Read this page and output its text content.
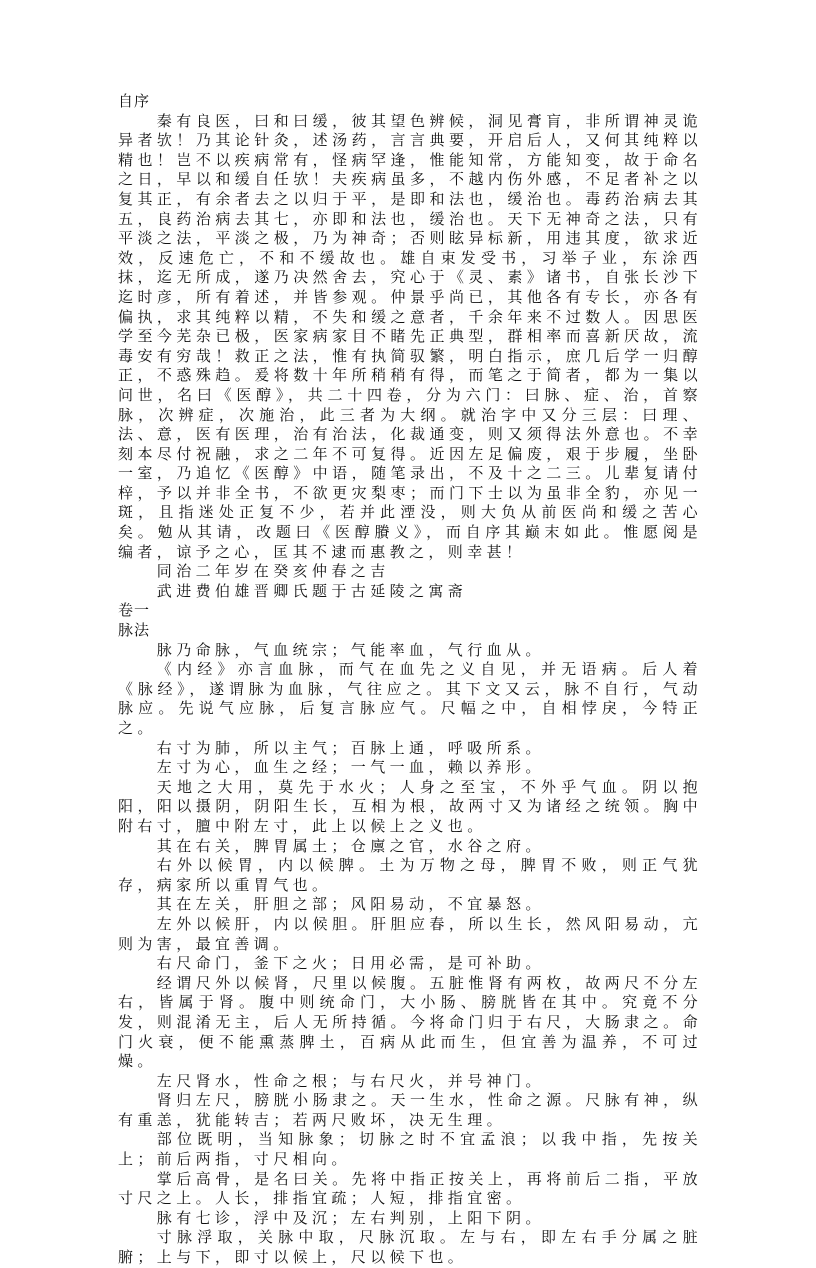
自序

秦有良医，曰和曰缓，彼其望色辨候，洞见膏肓，非所谓神灵诡异者欤！乃其论针灸，述汤药，言言典要，开启后人，又何其纯粹以精也！岂不以疾病常有，怪病罕逢，惟能知常，方能知变，故于命名之日，早以和缓自任欤！夫疾病虽多，不越内伤外感，不足者补之以复其正，有余者去之以归于平，是即和法也，缓治也。毒药治病去其五，良药治病去其七，亦即和法也，缓治也。天下无神奇之法，只有平淡之法，平淡之极，乃为神奇；否则眩异标新，用违其度，欲求近效，反速危亡，不和不缓故也。雄自束发受书，习举子业，东涂西抹，迄无所成，遂乃决然舍去，究心于《灵、素》诸书，自张长沙下迄时彦，所有着述，并皆参观。仲景乎尚已，其他各有专长，亦各有偏执，求其纯粹以精，不失和缓之意者，千余年来不过数人。因思医学至今芜杂已极，医家病家目不睹先正典型，群相率而喜新厌故，流毒安有穷哉！救正之法，惟有执简驭繁，明白指示，庶几后学一归醇正，不惑殊趋。爰将数十年所稍稍有得，而笔之于简者，都为一集以问世，名曰《医醇》，共二十四卷，分为六门：曰脉、症、治，首察脉，次辨症，次施治，此三者为大纲。就治字中又分三层：曰理、法、意，医有医理，治有治法，化裁通变，则又须得法外意也。不幸刻本尽付祝融，求之二年不可复得。近因左足偏废，艰于步履，坐卧一室，乃追忆《医醇》中语，随笔录出，不及十之二三。儿辈复请付梓，予以并非全书，不欲更灾梨枣；而门下士以为虽非全豹，亦见一斑，且指迷处正复不少，若并此湮没，则大负从前医尚和缓之苦心矣。勉从其请，改题曰《医醇賸义》，而自序其巅末如此。惟愿阅是编者，谅予之心，匡其不逮而惠教之，则幸甚！

同治二年岁在癸亥仲春之吉

武进费伯雄晋卿氏题于古延陵之寓斋

卷一

脉法

脉乃命脉，气血统宗；气能率血，气行血从。

《内经》亦言血脉，而气在血先之义自见，并无语病。后人着《脉经》，遂谓脉为血脉，气往应之。其下文又云，脉不自行，气动脉应。先说气应脉，后复言脉应气。尺幅之中，自相悖戾，今特正之。

右寸为肺，所以主气；百脉上通，呼吸所系。

左寸为心，血生之经；一气一血，赖以养形。

天地之大用，莫先于水火；人身之至宝，不外乎气血。阴以抱阳，阳以摄阴，阴阳生长，互相为根，故两寸又为诸经之统领。胸中附右寸，膻中附左寸，此上以候上之义也。

其在右关，脾胃属土；仓廪之官，水谷之府。

右外以候胃，内以候脾。土为万物之母，脾胃不败，则正气犹存，病家所以重胃气也。

其在左关，肝胆之部；风阳易动，不宜暴怒。

左外以候肝，内以候胆。肝胆应春，所以生长，然风阳易动，亢则为害，最宜善调。

右尺命门，釜下之火；日用必需，是可补助。

经谓尺外以候肾，尺里以候腹。五脏惟肾有两枚，故两尺不分左右，皆属于肾。腹中则统命门，大小肠、膀胱皆在其中。究竟不分发，则混淆无主，后人无所持循。今将命门归于右尺，大肠隶之。命门火衰，便不能熏蒸脾土，百病从此而生，但宜善为温养，不可过燥。

左尺肾水，性命之根；与右尺火，并号神门。

肾归左尺，膀胱小肠隶之。天一生水，性命之源。尺脉有神，纵有重恙，犹能转吉；若两尺败坏，决无生理。

部位既明，当知脉象；切脉之时不宜孟浪；以我中指，先按关上；前后两指，寸尺相向。

掌后高骨，是名曰关。先将中指正按关上，再将前后二指，平放寸尺之上。人长，排指宜疏；人短，排指宜密。

脉有七诊，浮中及沉；左右判别，上阳下阴。

寸脉浮取，关脉中取，尺脉沉取。左与右，即左右手分属之脏腑；上与下，即寸以候上，尺以候下也。
